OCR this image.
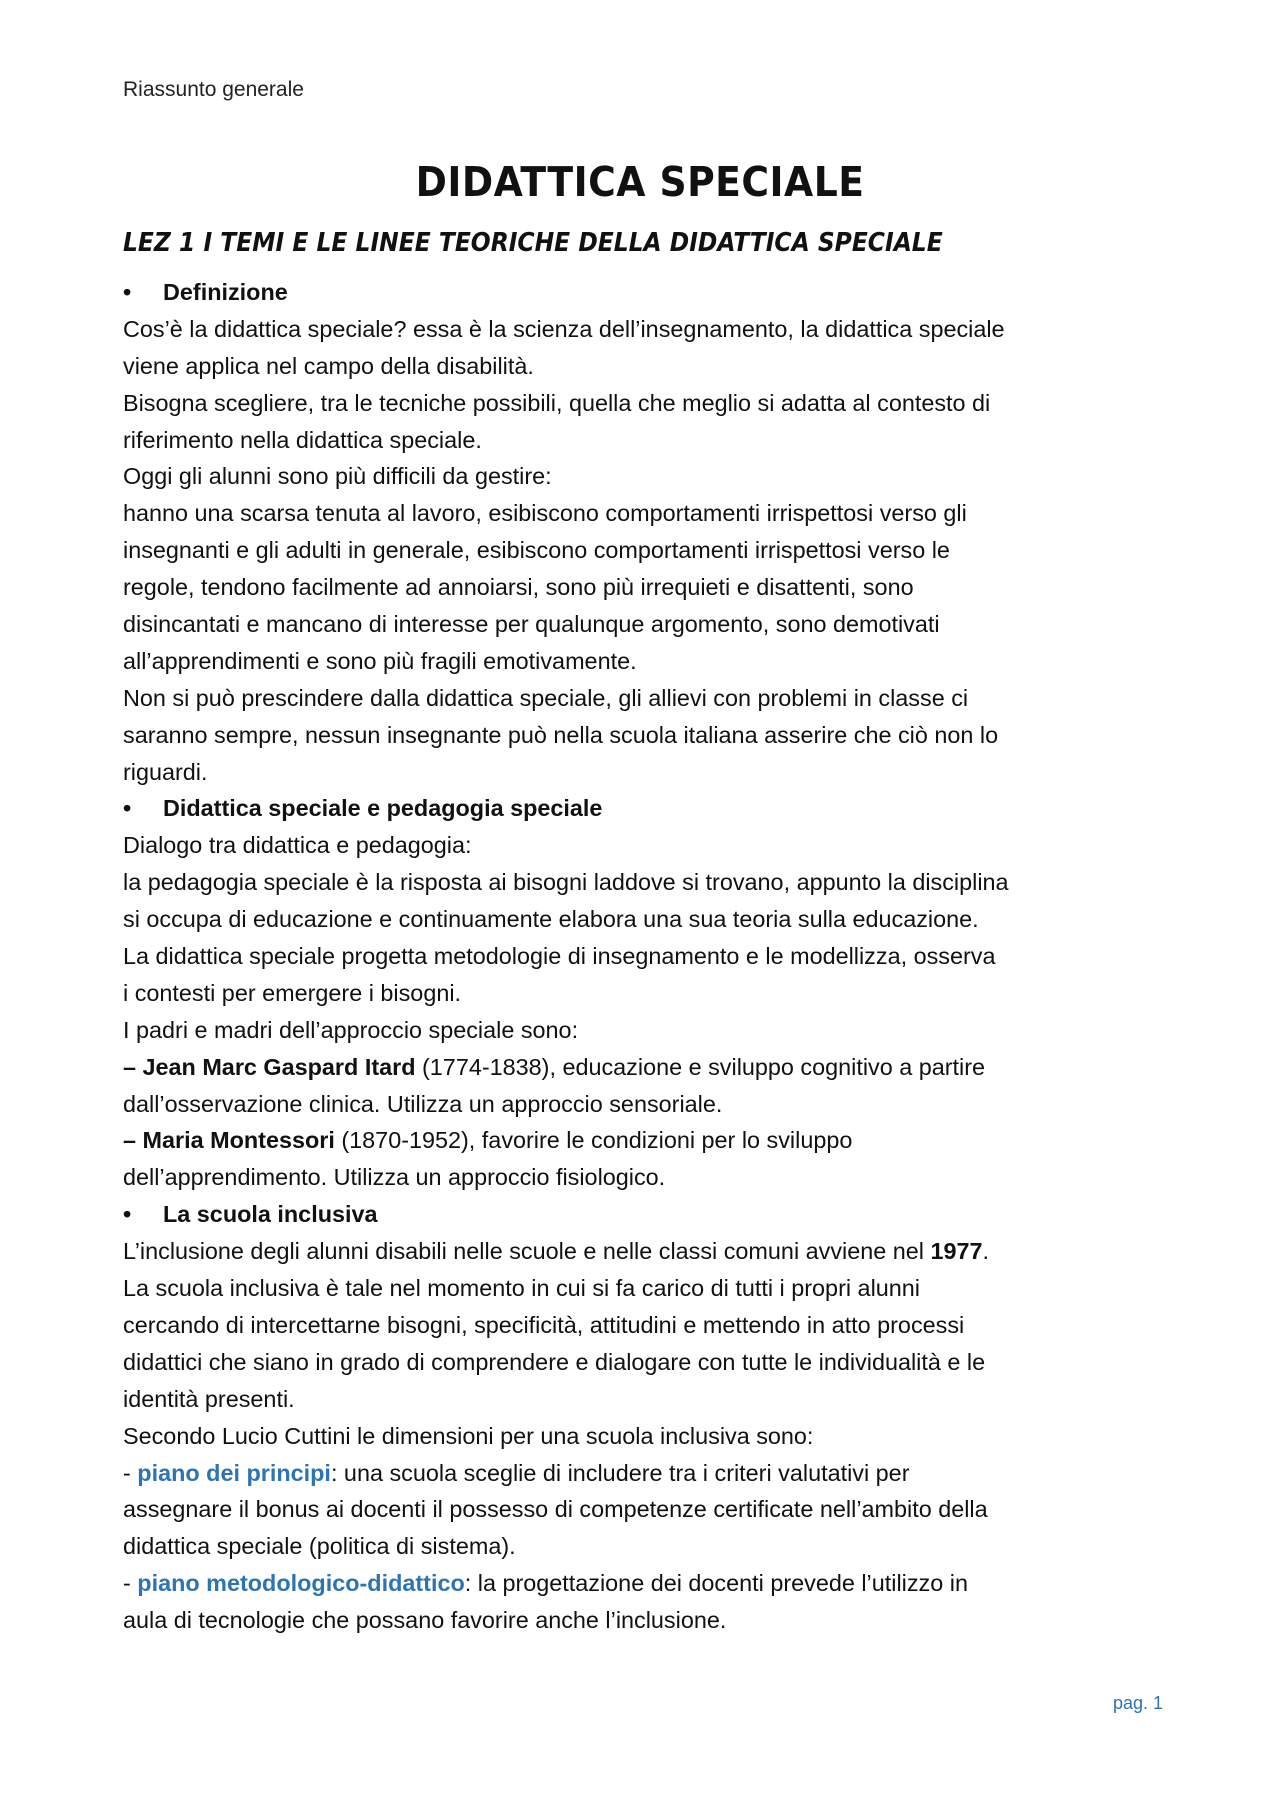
Riassunto generale
DIDATTICA SPECIALE
LEZ 1 I TEMI E LE LINEE TEORICHE DELLA DIDATTICA SPECIALE
• Definizione
Cos’è la didattica speciale? essa è la scienza dell’insegnamento, la didattica speciale
viene applica nel campo della disabilità.
Bisogna scegliere, tra le tecniche possibili, quella che meglio si adatta al contesto di
riferimento nella didattica speciale.
Oggi gli alunni sono più difficili da gestire:
hanno una scarsa tenuta al lavoro, esibiscono comportamenti irrispettosi verso gli
insegnanti e gli adulti in generale, esibiscono comportamenti irrispettosi verso le
regole, tendono facilmente ad annoiarsi, sono più irrequieti e disattenti, sono
disincantati e mancano di interesse per qualunque argomento, sono demotivati
all’apprendimenti e sono più fragili emotivamente.
Non si può prescindere dalla didattica speciale, gli allievi con problemi in classe ci
saranno sempre, nessun insegnante può nella scuola italiana asserire che ciò non lo
riguardi.
• Didattica speciale e pedagogia speciale
Dialogo tra didattica e pedagogia:
la pedagogia speciale è la risposta ai bisogni laddove si trovano, appunto la disciplina
si occupa di educazione e continuamente elabora una sua teoria sulla educazione.
La didattica speciale progetta metodologie di insegnamento e le modellizza, osserva
i contesti per emergere i bisogni.
I padri e madri dell’approccio speciale sono:
– Jean Marc Gaspard Itard (1774-1838), educazione e sviluppo cognitivo a partire
dall’osservazione clinica. Utilizza un approccio sensoriale.
– Maria Montessori (1870-1952), favorire le condizioni per lo sviluppo
dell’apprendimento. Utilizza un approccio fisiologico.
• La scuola inclusiva
L’inclusione degli alunni disabili nelle scuole e nelle classi comuni avviene nel 1977.
La scuola inclusiva è tale nel momento in cui si fa carico di tutti i propri alunni
cercando di intercettarne bisogni, specificità, attitudini e mettendo in atto processi
didattici che siano in grado di comprendere e dialogare con tutte le individualità e le
identità presenti.
Secondo Lucio Cuttini le dimensioni per una scuola inclusiva sono:
- piano dei principi: una scuola sceglie di includere tra i criteri valutativi per
assegnare il bonus ai docenti il possesso di competenze certificate nell’ambito della
didattica speciale (politica di sistema).
- piano metodologico-didattico: la progettazione dei docenti prevede l’utilizzo in
aula di tecnologie che possano favorire anche l’inclusione.
pag. 1
